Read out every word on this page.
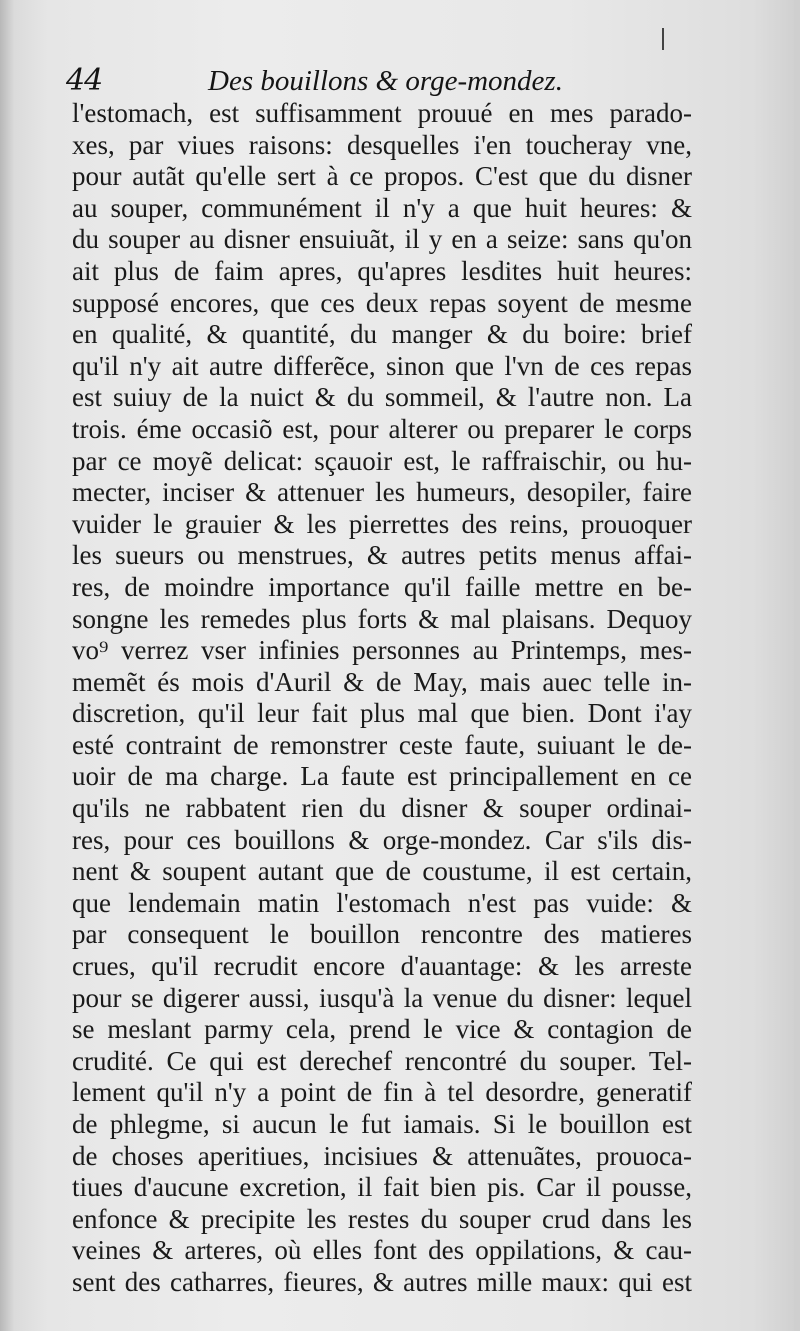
44	Des bouillons & orge-mondez.
l'estomach, est suffisamment prouué en mes parado-
xes, par viues raisons: desquelles i'en toucheray vne,
pour autãt qu'elle sert à ce propos. C'est que du disner
au souper, communément il n'y a que huit heures: &
du souper au disner ensuiuãt, il y en a seize: sans qu'on
ait plus de faim apres, qu'apres lesdites huit heures:
supposé encores, que ces deux repas soyent de mesme
en qualité, & quantité, du manger & du boire: brief
qu'il n'y ait autre differẽce, sinon que l'vn de ces repas
est suiuy de la nuict & du sommeil, & l'autre non. La
trois. éme occasiõ est, pour alterer ou preparer le corps
par ce moyẽ delicat: sçauoir est, le raffraischir, ou hu-
mecter, inciser & attenuer les humeurs, desopiler, faire
vuider le grauier & les pierrettes des reins, prouoquer
les sueurs ou menstrues, & autres petits menus affai-
res, de moindre importance qu'il faille mettre en be-
songne les remedes plus forts & mal plaisans. Dequoy
vo⁹ verrez vser infinies personnes au Printemps, mes-
memẽt és mois d'Auril & de May, mais auec telle in-
discretion, qu'il leur fait plus mal que bien. Dont i'ay
esté contraint de remonstrer ceste faute, suiuant le de-
uoir de ma charge. La faute est principallement en ce
qu'ils ne rabbatent rien du disner & souper ordinai-
res, pour ces bouillons & orge-mondez. Car s'ils dis-
nent & soupent autant que de coustume, il est certain,
que lendemain matin l'estomach n'est pas vuide: &
par consequent le bouillon rencontre des matieres
crues, qu'il recrudit encore d'auantage: & les arreste
pour se digerer aussi, iusqu'à la venue du disner: lequel
se meslant parmy cela, prend le vice & contagion de
crudité. Ce qui est derechef rencontré du souper. Tel-
lement qu'il n'y a point de fin à tel desordre, generatif
de phlegme, si aucun le fut iamais. Si le bouillon est
de choses aperitiues, incisiues & attenuãtes, prouoca-
tiues d'aucune excretion, il fait bien pis. Car il pousse,
enfonce & precipite les restes du souper crud dans les
veines & arteres, où elles font des oppilations, & cau-
sent des catharres, fieures, & autres mille maux: qui est
